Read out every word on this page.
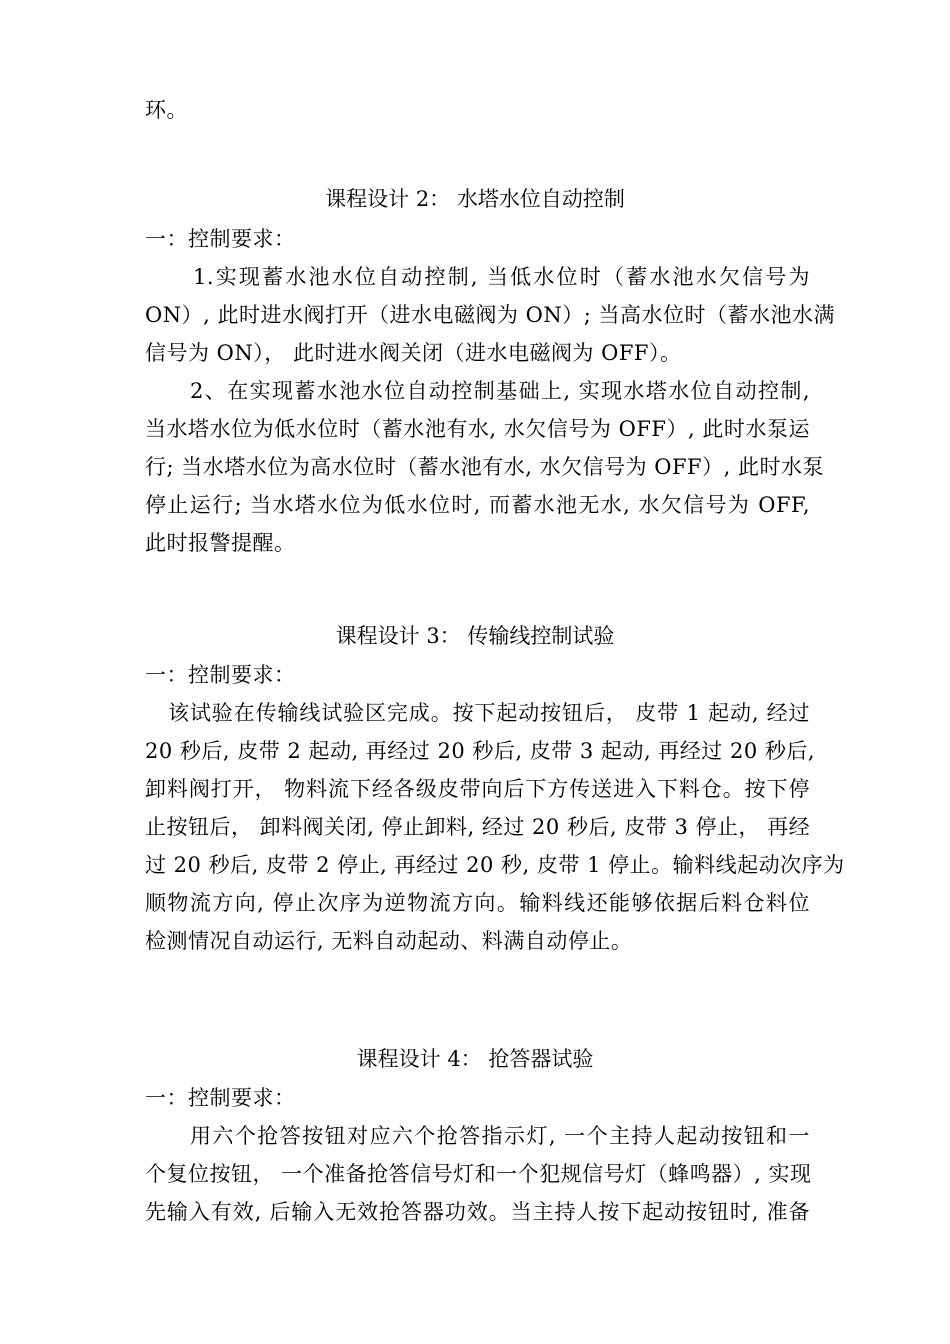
环。
课程设计 2： 水塔水位自动控制
一：控制要求：
1.实现蓄水池水位自动控制, 当低水位时（蓄水池水欠信号为
ON）, 此时进水阀打开（进水电磁阀为 ON）; 当高水位时（蓄水池水满
信号为 ON）， 此时进水阀关闭（进水电磁阀为 OFF）。
2、在实现蓄水池水位自动控制基础上, 实现水塔水位自动控制,
当水塔水位为低水位时（蓄水池有水, 水欠信号为 OFF）, 此时水泵运
行; 当水塔水位为高水位时（蓄水池有水, 水欠信号为 OFF）, 此时水泵
停止运行; 当水塔水位为低水位时, 而蓄水池无水, 水欠信号为 OFF,
此时报警提醒。
课程设计 3： 传输线控制试验
一：控制要求：
该试验在传输线试验区完成。按下起动按钮后， 皮带 1 起动, 经过
20 秒后, 皮带 2 起动, 再经过 20 秒后, 皮带 3 起动, 再经过 20 秒后,
卸料阀打开， 物料流下经各级皮带向后下方传送进入下料仓。按下停
止按钮后， 卸料阀关闭, 停止卸料, 经过 20 秒后, 皮带 3 停止， 再经
过 20 秒后, 皮带 2 停止, 再经过 20 秒, 皮带 1 停止。输料线起动次序为
顺物流方向, 停止次序为逆物流方向。输料线还能够依据后料仓料位
检测情况自动运行, 无料自动起动、料满自动停止。
课程设计 4： 抢答器试验
一：控制要求：
用六个抢答按钮对应六个抢答指示灯, 一个主持人起动按钮和一
个复位按钮， 一个准备抢答信号灯和一个犯规信号灯（蜂鸣器）, 实现
先输入有效, 后输入无效抢答器功效。当主持人按下起动按钮时, 准备
